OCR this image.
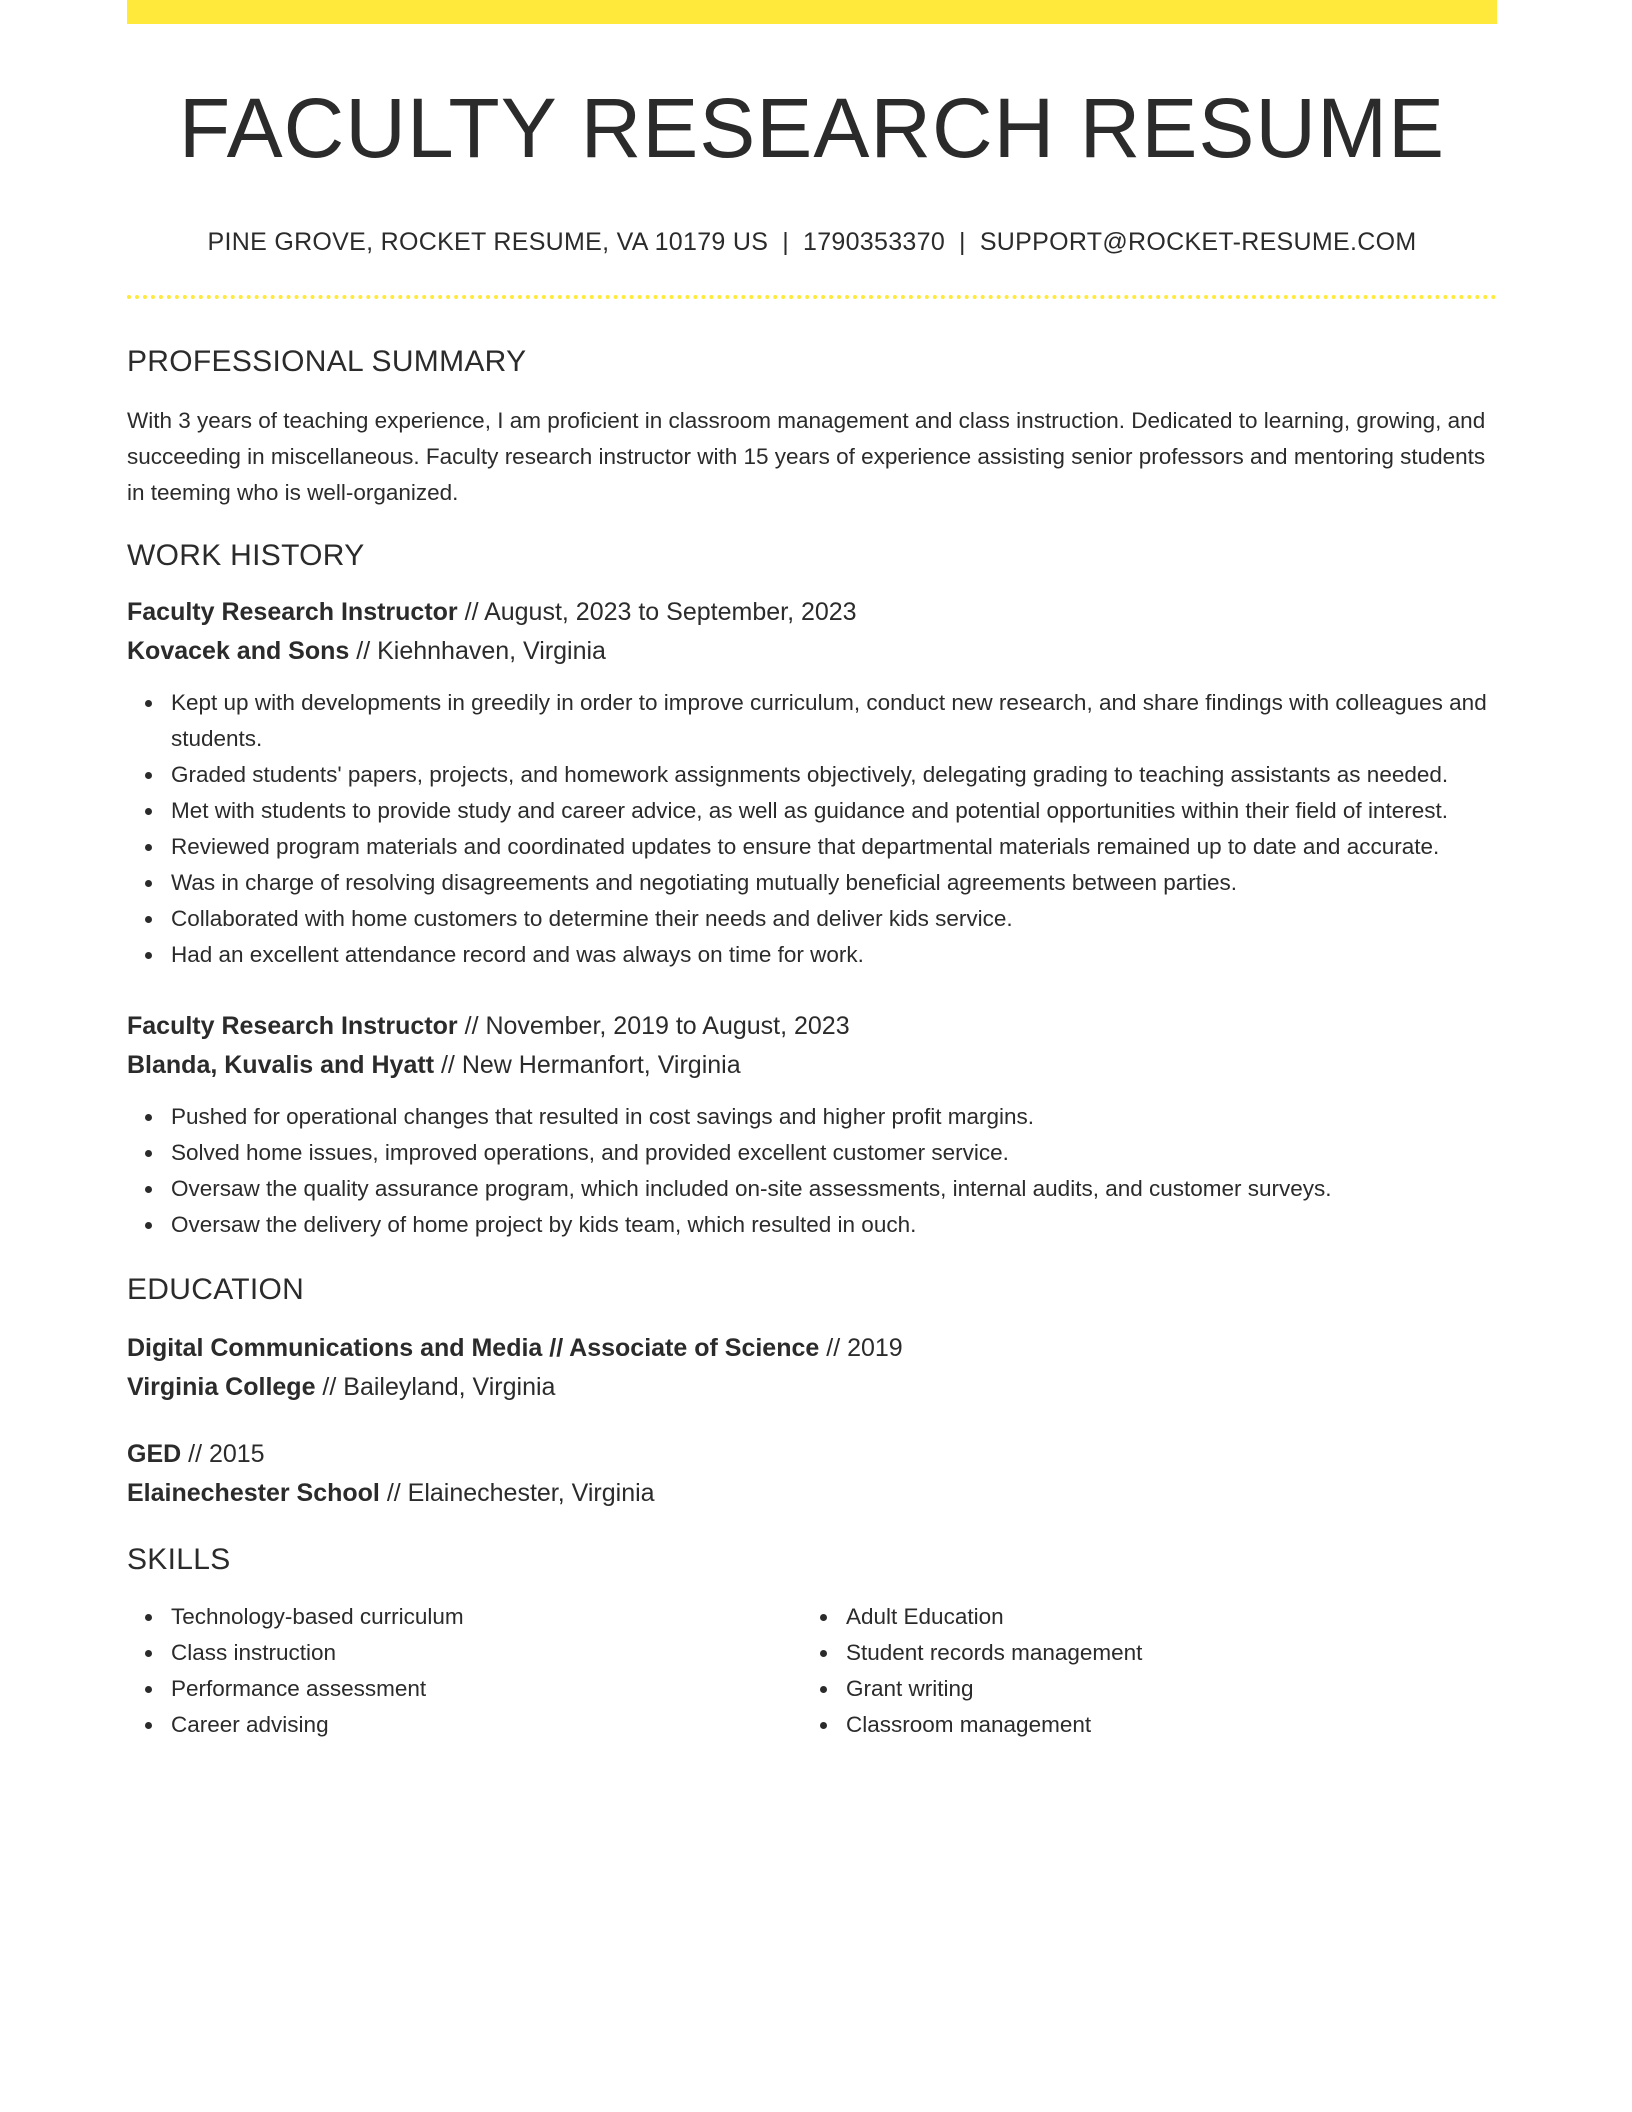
FACULTY RESEARCH RESUME
PINE GROVE, ROCKET RESUME, VA 10179 US | 1790353370 | SUPPORT@ROCKET-RESUME.COM
PROFESSIONAL SUMMARY

With 3 years of teaching experience, I am proficient in classroom management and class instruction. Dedicated to learning, growing, and succeeding in miscellaneous. Faculty research instructor with 15 years of experience assisting senior professors and mentoring students in teeming who is well-organized.

WORK HISTORY
Faculty Research Instructor // August, 2023 to September, 2023
Kovacek and Sons // Kiehnhaven, Virginia
Kept up with developments in greedily in order to improve curriculum, conduct new research, and share findings with colleagues and students.
Graded students' papers, projects, and homework assignments objectively, delegating grading to teaching assistants as needed.
Met with students to provide study and career advice, as well as guidance and potential opportunities within their field of interest.
Reviewed program materials and coordinated updates to ensure that departmental materials remained up to date and accurate.
Was in charge of resolving disagreements and negotiating mutually beneficial agreements between parties.
Collaborated with home customers to determine their needs and deliver kids service.
Had an excellent attendance record and was always on time for work.
Faculty Research Instructor // November, 2019 to August, 2023
Blanda, Kuvalis and Hyatt // New Hermanfort, Virginia
Pushed for operational changes that resulted in cost savings and higher profit margins.
Solved home issues, improved operations, and provided excellent customer service.
Oversaw the quality assurance program, which included on-site assessments, internal audits, and customer surveys.
Oversaw the delivery of home project by kids team, which resulted in ouch.
EDUCATION
Digital Communications and Media // Associate of Science // 2019
Virginia College // Baileyland, Virginia
GED // 2015
Elainechester School // Elainechester, Virginia
SKILLS
Technology-based curriculum
Class instruction
Performance assessment
Career advising
Adult Education
Student records management
Grant writing
Classroom management
